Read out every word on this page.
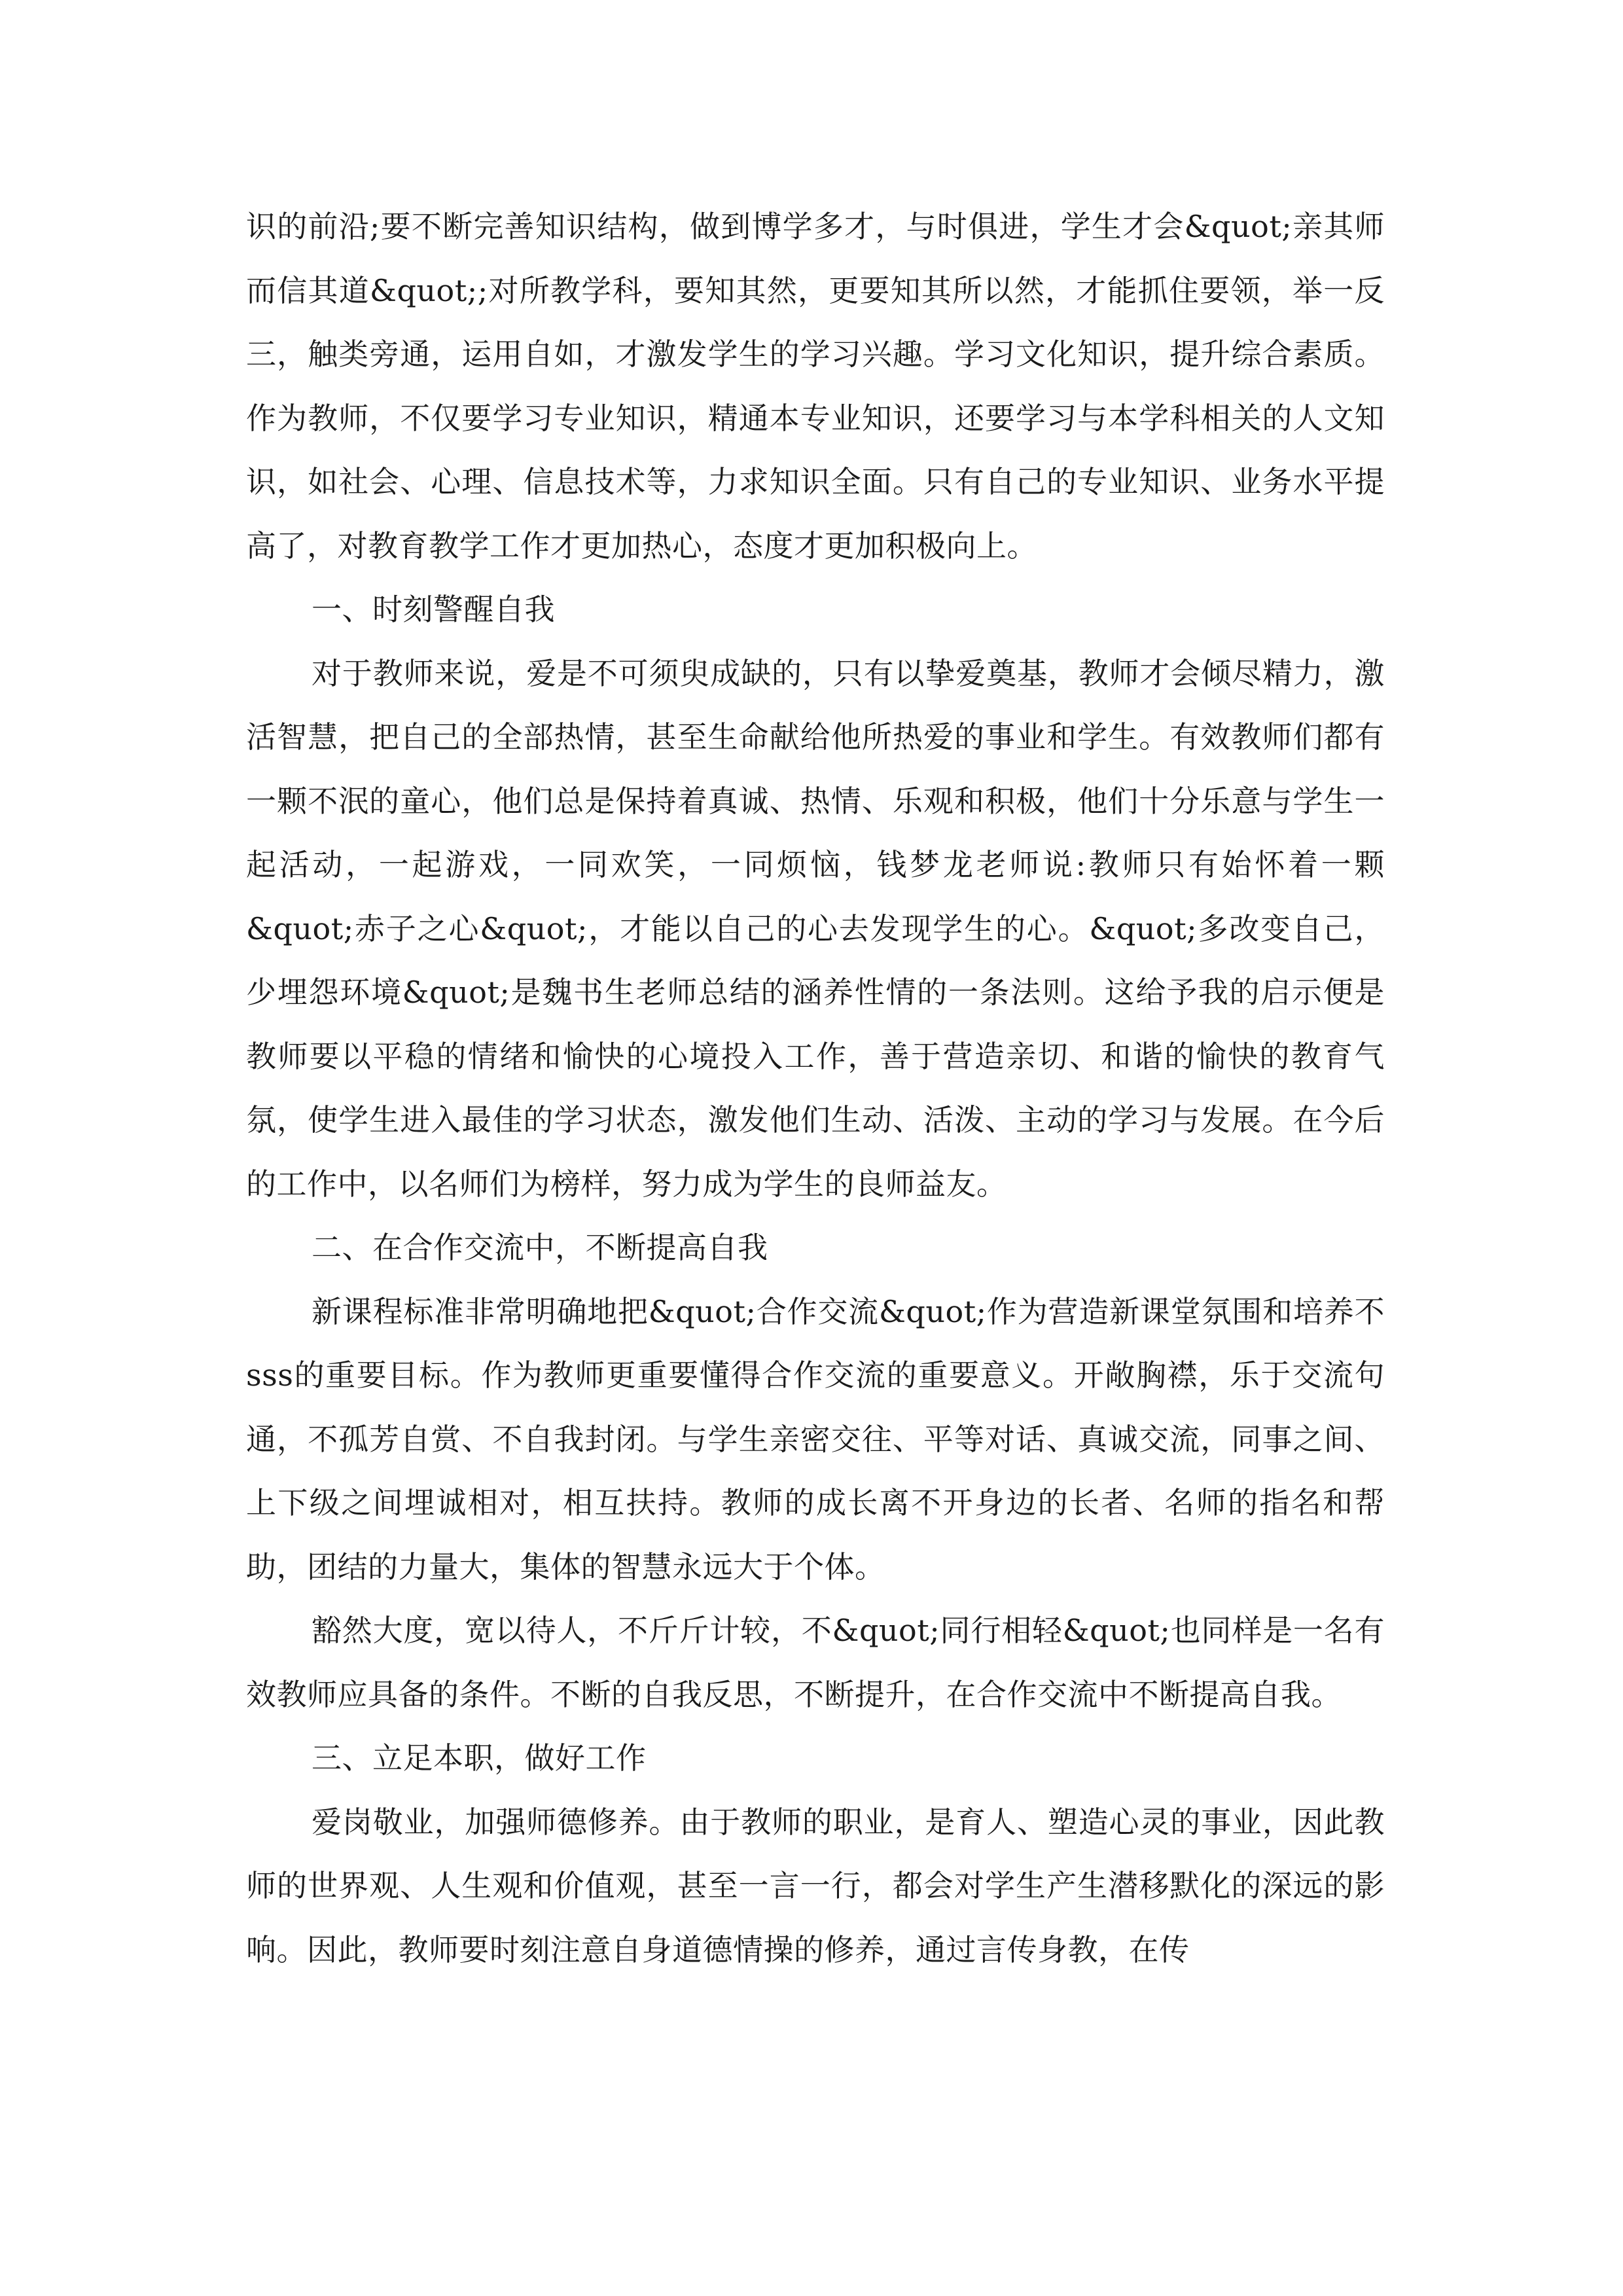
识的前沿;要不断完善知识结构，做到博学多才，与时俱进，学生才会&quot;亲其师而信其道&quot;;对所教学科，要知其然，更要知其所以然，才能抓住要领，举一反三，触类旁通，运用自如，才激发学生的学习兴趣。学习文化知识，提升综合素质。作为教师，不仅要学习专业知识，精通本专业知识，还要学习与本学科相关的人文知识，如社会、心理、信息技术等，力求知识全面。只有自己的专业知识、业务水平提高了，对教育教学工作才更加热心，态度才更加积极向上。

一、时刻警醒自我

对于教师来说，爱是不可须臾成缺的，只有以挚爱奠基，教师才会倾尽精力，激活智慧，把自己的全部热情，甚至生命献给他所热爱的事业和学生。有效教师们都有一颗不泯的童心，他们总是保持着真诚、热情、乐观和积极，他们十分乐意与学生一起活动，一起游戏，一同欢笑，一同烦恼，钱梦龙老师说:教师只有始怀着一颗&quot;赤子之心&quot;，才能以自己的心去发现学生的心。&quot;多改变自己，少埋怨环境&quot;是魏书生老师总结的涵养性情的一条法则。这给予我的启示便是教师要以平稳的情绪和愉快的心境投入工作，善于营造亲切、和谐的愉快的教育气氛，使学生进入最佳的学习状态，激发他们生动、活泼、主动的学习与发展。在今后的工作中，以名师们为榜样，努力成为学生的良师益友。

二、在合作交流中，不断提高自我

新课程标准非常明确地把&quot;合作交流&quot;作为营造新课堂氛围和培养不sss的重要目标。作为教师更重要懂得合作交流的重要意义。开敞胸襟，乐于交流句通，不孤芳自赏、不自我封闭。与学生亲密交往、平等对话、真诚交流，同事之间、上下级之间埋诚相对，相互扶持。教师的成长离不开身边的长者、名师的指名和帮助，团结的力量大，集体的智慧永远大于个体。

豁然大度，宽以待人，不斤斤计较，不&quot;同行相轻&quot;也同样是一名有效教师应具备的条件。不断的自我反思，不断提升，在合作交流中不断提高自我。

三、立足本职，做好工作

爱岗敬业，加强师德修养。由于教师的职业，是育人、塑造心灵的事业，因此教师的世界观、人生观和价值观，甚至一言一行，都会对学生产生潜移默化的深远的影响。因此，教师要时刻注意自身道德情操的修养，通过言传身教，在传
